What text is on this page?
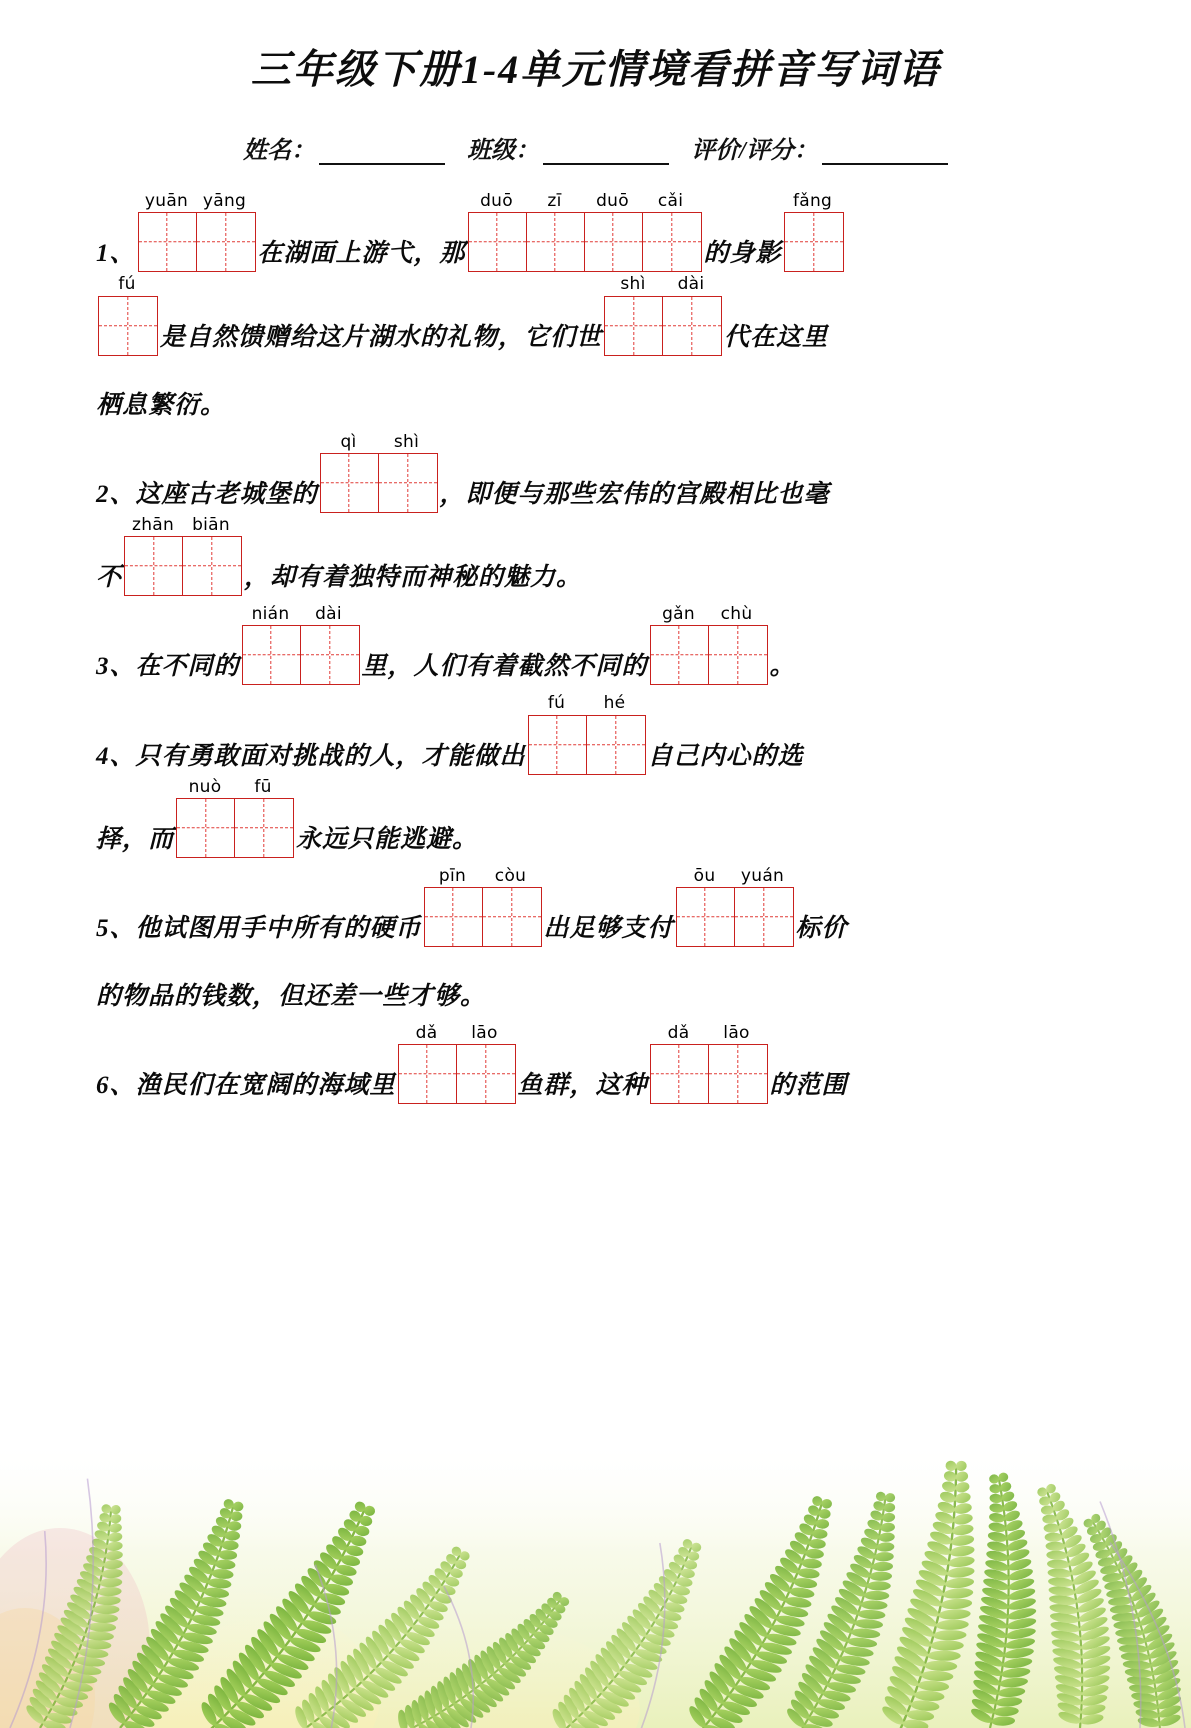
三年级下册1-4单元情境看拼音写词语
姓名：	班级：	评价/评分：
1、
yuān yāng
在湖面上游弋，那
duō	zī	duō	cǎi
的身影
fǎng
fú
是自然馈赠给这片湖水的礼物，它们世
shì	dài
代在这里
栖息繁衍。
2、这座古老城堡的
qì	shì
，即便与那些宏伟的宫殿相比也毫
不
zhān	biān
，却有着独特而神秘的魅力。
3、在不同的
nián	dài
里，人们有着截然不同的
gǎn	chù
。
4、只有勇敢面对挑战的人，才能做出
fú	hé
自己内心的选
择，而
nuò	fū
永远只能逃避。
5、他试图用手中所有的硬币
pīn	còu
出足够支付
ōu	yuán
标价
的物品的钱数，但还差一些才够。
6、渔民们在宽阔的海域里
dǎ	lāo
鱼群，这种
dǎ	lāo
的范围
